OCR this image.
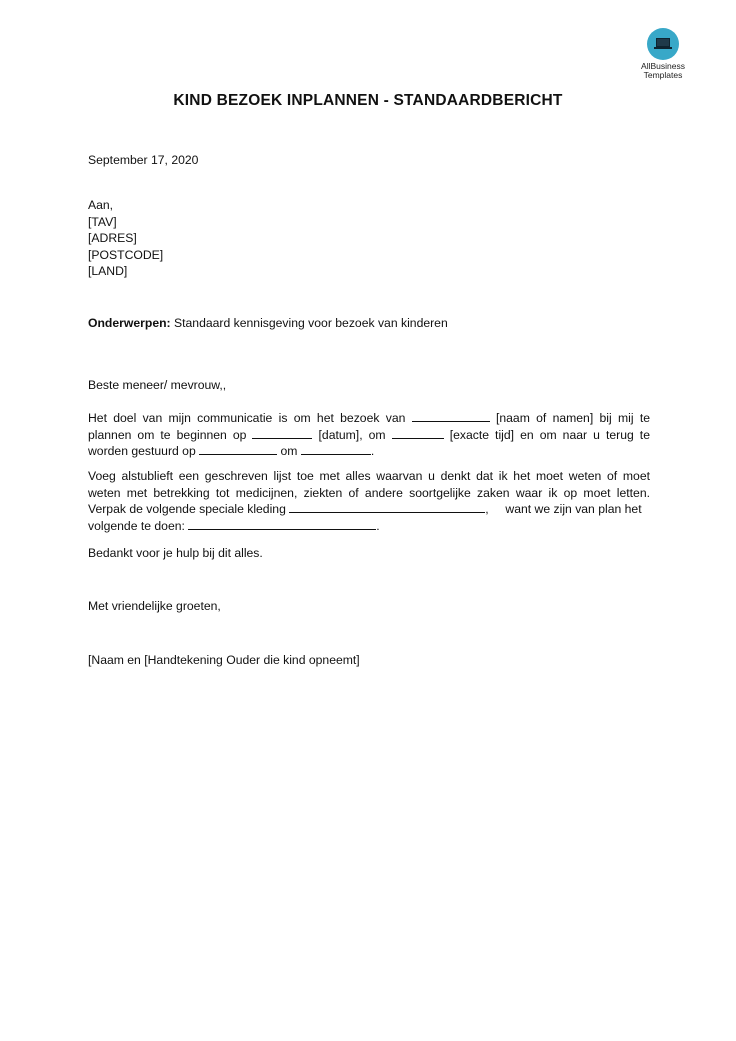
AllBusiness
Templates
KIND BEZOEK INPLANNEN - STANDAARDBERICHT
September 17, 2020
Aan,
[TAV]
[ADRES]
[POSTCODE]
[LAND]
Onderwerpen: Standaard kennisgeving voor bezoek van kinderen
Beste meneer/ mevrouw,,
Het doel van mijn communicatie is om het bezoek van	[naam of namen] bij mij te
plannen om te beginnen op	[datum], om	[exacte tijd] en om naar u terug te
worden gestuurd op	om	.
Voeg alstublieft een geschreven lijst toe met alles waarvan u denkt dat ik het moet weten of moet
weten met betrekking tot medicijnen, ziekten of andere soortgelijke zaken waar ik op moet letten.
Verpak de volgende speciale kleding	, want we zijn van plan het
volgende te doen:	.
Bedankt voor je hulp bij dit alles.
Met vriendelijke groeten,
[Naam en [Handtekening Ouder die kind opneemt]
